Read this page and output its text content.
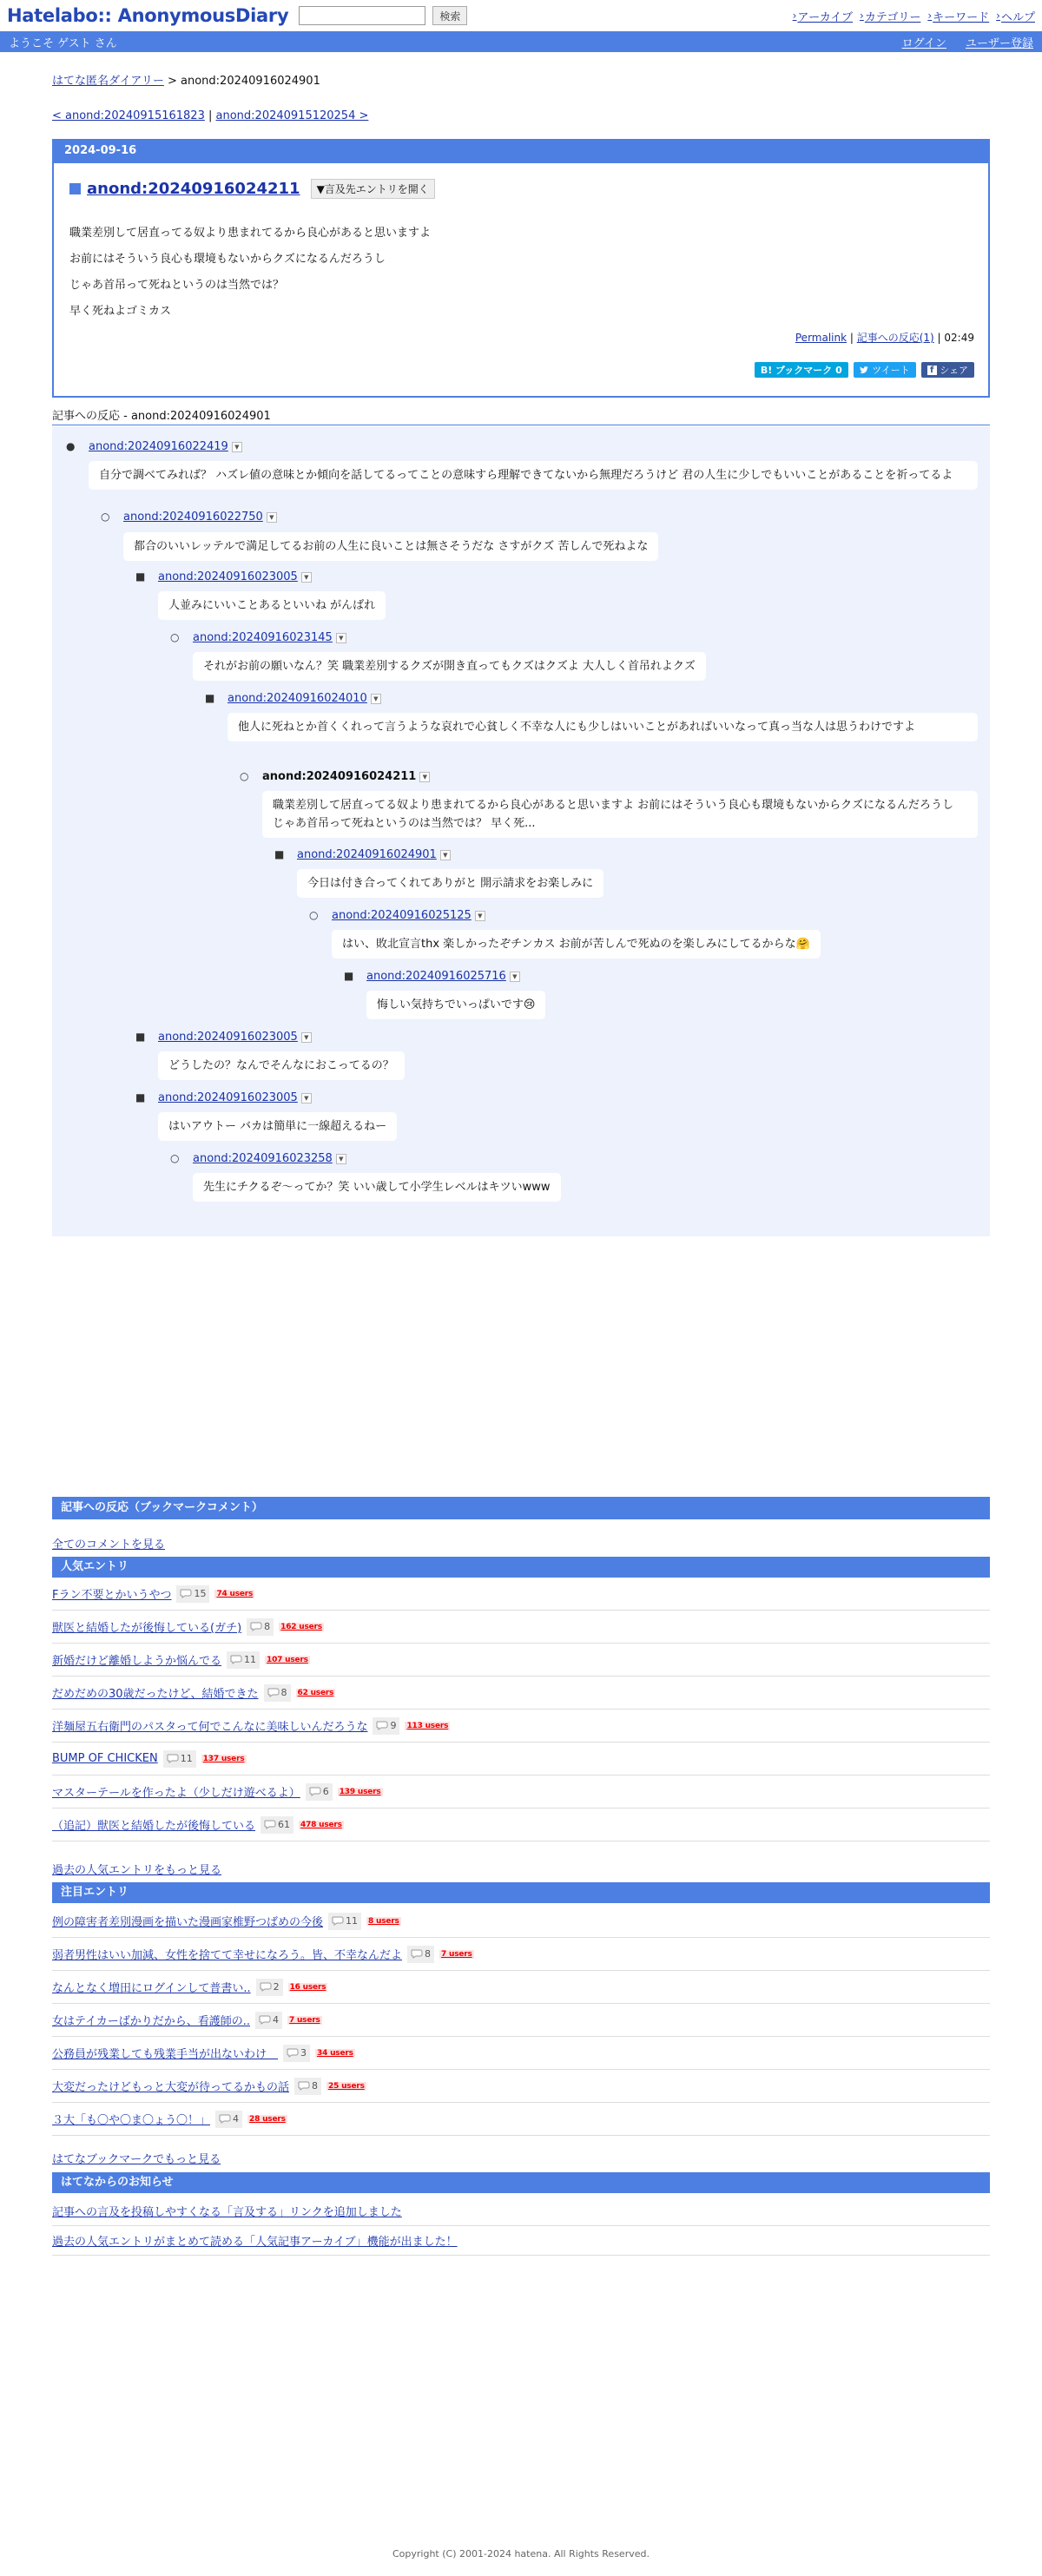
Hatelabo:: AnonymousDiary	検索	› アーカイブ › カテゴリー › キーワード › ヘルプ
ようこそ ゲスト さん	ログイン ユーザー登録
はてな匿名ダイアリー > anond:20240916024901
< anond:20240915161823 | anond:20240915120254 >
2024-09-16
anond:20240916024211	▼言及先エントリを開く

職業差別して居直ってる奴より患まれてるから良心があると思いますよ

お前にはそういう良心も環境もないからクズになるんだろうし

じゃあ首吊って死ねというのは当然では？

早く死ねよゴミカス

Permalink | 記事への反応(1) | 02:49
B! ブックマーク 0
	ツイート	f
シェア
記事への反応 - anond:20240916024901
● anond:20240916022419 ▼
自分で調べてみれば？ ハズレ値の意味とか傾向を話してるってことの意味すら理解できてないから無理だろうけど 君の人生に少しでもいいことがあることを祈ってるよ
○ anond:20240916022750 ▼
都合のいいレッテルで満足してるお前の人生に良いことは無さそうだな さすがクズ 苦しんで死ねよな
■ anond:20240916023005 ▼
人並みにいいことあるといいね がんばれ
○ anond:20240916023145 ▼
それがお前の願いなん？笑 職業差別するクズが開き直ってもクズはクズよ 大人しく首吊れよクズ
■ anond:20240916024010 ▼
他人に死ねとか首くくれって言うような哀れで心貧しく不幸な人にも少しはいいことがあればいいなって真っ当な人は思うわけですよ
○ anond:20240916024211 ▼
職業差別して居直ってる奴より患まれてるから良心があると思いますよ お前にはそういう良心も環境もないからクズになるんだろうし じゃあ首吊って死ねというのは当然では？ 早く死...
■ anond:20240916024901 ▼
今日は付き合ってくれてありがと 開示請求をお楽しみに
○ anond:20240916025125 ▼
はい、敗北宣言thx 楽しかったぞチンカス お前が苦しんで死ぬのを楽しみにしてるからな🤗
■ anond:20240916025716 ▼
悔しい気持ちでいっぱいです😢
■ anond:20240916023005 ▼
どうしたの？なんでそんなにおこってるの？
■ anond:20240916023005 ▼
はいアウトー バカは簡単に一線超えるねー
○ anond:20240916023258 ▼
先生にチクるぞ〜ってか？笑 いい歳して小学生レベルはキツいwww
記事への反応（ブックマークコメント）
全てのコメントを見る
人気エントリ
Fラン不要とかいうやつ 15 74 users
獣医と結婚したが後悔している(ガチ) 8 162 users
新婚だけど離婚しようか悩んでる 11 107 users
だめだめの30歳だったけど、結婚できた 8 62 users
洋麺屋五右衛門のパスタって何でこんなに美味しいんだろうな 9 113 users
BUMP OF CHICKEN 11 137 users
マスターテールを作ったよ（少しだけ遊べるよ） 6 139 users
（追記）獣医と結婚したが後悔している 61 478 users
過去の人気エントリをもっと見る
注目エントリ
例の障害者差別漫画を描いた漫画家椎野つばめの今後 11 8 users
弱者男性はいい加減、女性を捨てて幸せになろう。皆、不幸なんだよ 8 7 users
なんとなく増田にログインして普書い.. 2 16 users
女はテイカーばかりだから、看護師の.. 4 7 users
公務員が残業しても残業手当が出ないわけ　 3 34 users
大変だったけどもっと大変が待ってるかもの話 8 25 users
３大「も〇や〇ま〇ょう〇！」 4 28 users
はてなブックマークでもっと見る
はてなからのお知らせ
記事への言及を投稿しやすくなる「言及する」リンクを追加しました
過去の人気エントリがまとめて読める「人気記事アーカイブ」機能が出ました！
Copyright (C) 2001-2024 hatena. All Rights Reserved.
